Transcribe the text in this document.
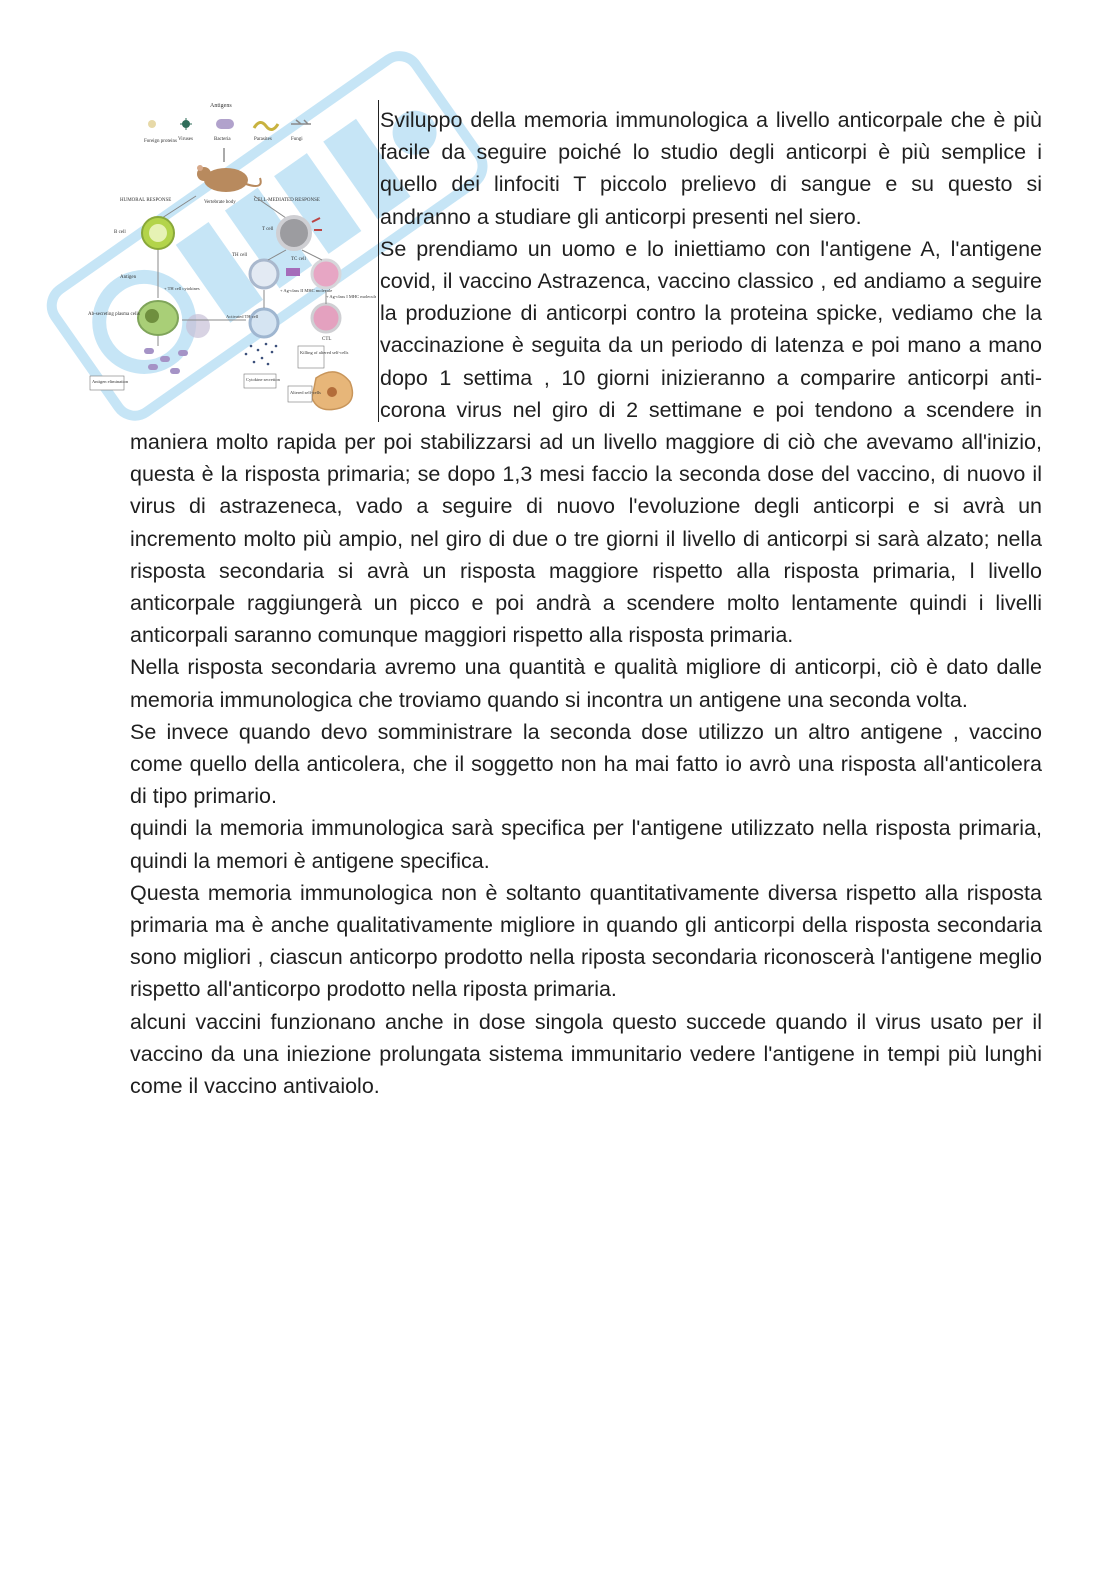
Antigens
Foreign proteins Viruses	Bacteria	Parasites	Fungi
Vertebrate body
HUMORAL RESPONSE	CELL-MEDIATED RESPONSE
B cell
T cell
TH cell
TC cell
Antigen
+ TH cell cytokines	+ Ag-class II MHC molecule
+ Ag-class I MHC molecule
Ab-secreting plasma cells	Activated TH cell
CTL
Killing of altered self-cells
Cytokine secretion
Altered self-cells
Antigen elimination

Sviluppo della memoria immunologica a livello anticorpale che è più facile da seguire poiché lo studio degli anticorpi è più semplice i quello dei linfociti T piccolo prelievo di sangue e su questo si andranno a studiare gli anticorpi presenti nel siero.

Se prendiamo un uomo e lo iniettiamo con l'antigene A, l'antigene covid, il vaccino Astrazenca, vaccino classico , ed andiamo a seguire la produzione di anticorpi contro la proteina spicke, vediamo che la vaccinazione è seguita da un periodo di latenza e poi mano a mano dopo 1 settima , 10 giorni inizieranno a comparire anticorpi anti- corona virus nel giro di 2 settimane e poi tendono a scendere in maniera molto rapida per poi stabilizzarsi ad un livello maggiore di ciò che avevamo all'inizio, questa è la risposta primaria; se dopo 1,3 mesi faccio la seconda dose del vaccino, di nuovo il virus di astrazeneca, vado a seguire di nuovo l'evoluzione degli anticorpi e si avrà un incremento molto più ampio, nel giro di due o tre giorni il livello di anticorpi si sarà alzato; nella risposta secondaria si avrà un risposta maggiore rispetto alla risposta primaria, l livello anticorpale raggiungerà un picco e poi andrà a scendere molto lentamente quindi i livelli anticorpali saranno comunque maggiori rispetto alla risposta primaria.

Nella risposta secondaria avremo una quantità e qualità migliore di anticorpi, ciò è dato dalle memoria immunologica che troviamo quando si incontra un antigene una seconda volta.

Se invece quando devo somministrare la seconda dose utilizzo un altro antigene , vaccino come quello della anticolera, che il soggetto non ha mai fatto io avrò una risposta all'anticolera di tipo primario.

quindi la memoria immunologica sarà specifica per l'antigene utilizzato nella risposta primaria, quindi la memori è antigene specifica.

Questa memoria immunologica non è soltanto quantitativamente diversa rispetto alla risposta primaria ma è anche qualitativamente migliore in quando gli anticorpi della risposta secondaria sono migliori , ciascun anticorpo prodotto nella riposta secondaria riconoscerà l'antigene meglio rispetto all'anticorpo prodotto nella riposta primaria.

alcuni vaccini funzionano anche in dose singola questo succede quando il virus usato per il vaccino da una iniezione prolungata sistema immunitario vedere l'antigene in tempi più lunghi come il vaccino antivaiolo.
